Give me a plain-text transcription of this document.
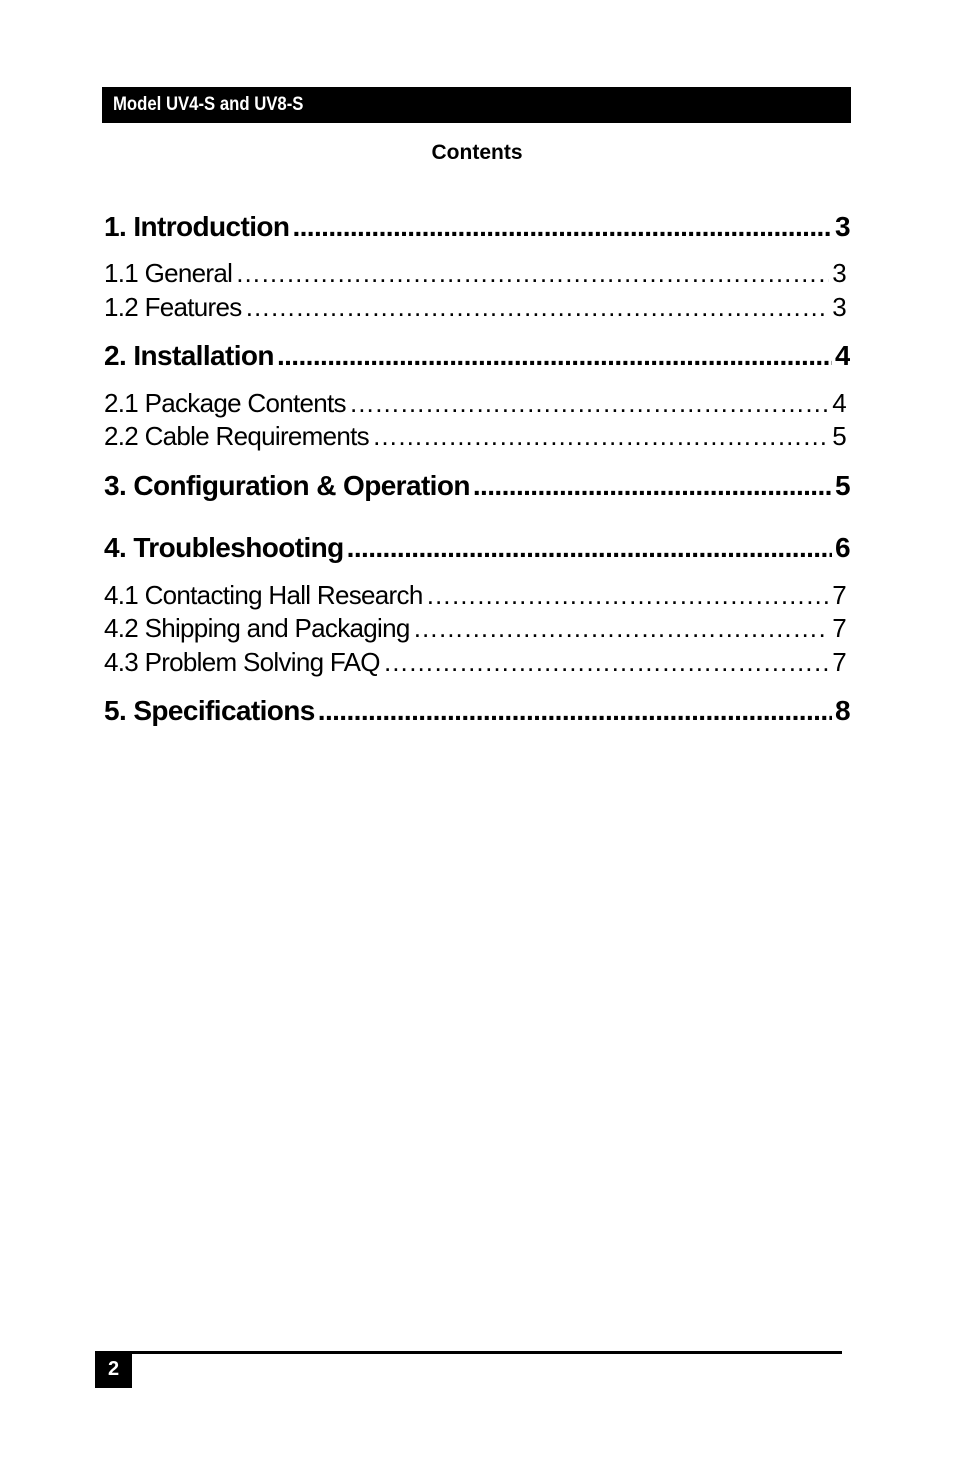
Model UV4-S and UV8-S
Contents
1. Introduction .....	3
1.1 General ……………………………………………………………………………………………………………………………………………………………………………………	3
1.2 Features ……………………………………………………………………………………………………………………………………………………………………………………	3
2. Installation .....	4
2.1 Package Contents ……………………………………………………………………………………………………………………………………………………………………………………	4
2.2 Cable Requirements ……………………………………………………………………………………………………………………………………………………………………………………	5
3. Configuration & Operation .....	5
4. Troubleshooting .....	6
4.1 Contacting Hall Research ……………………………………………………………………………………………………………………………………………………………………………………	7
4.2 Shipping and Packaging ……………………………………………………………………………………………………………………………………………………………………………………	7
4.3 Problem Solving FAQ ……………………………………………………………………………………………………………………………………………………………………………………	7
5. Specifications .....	8
2
